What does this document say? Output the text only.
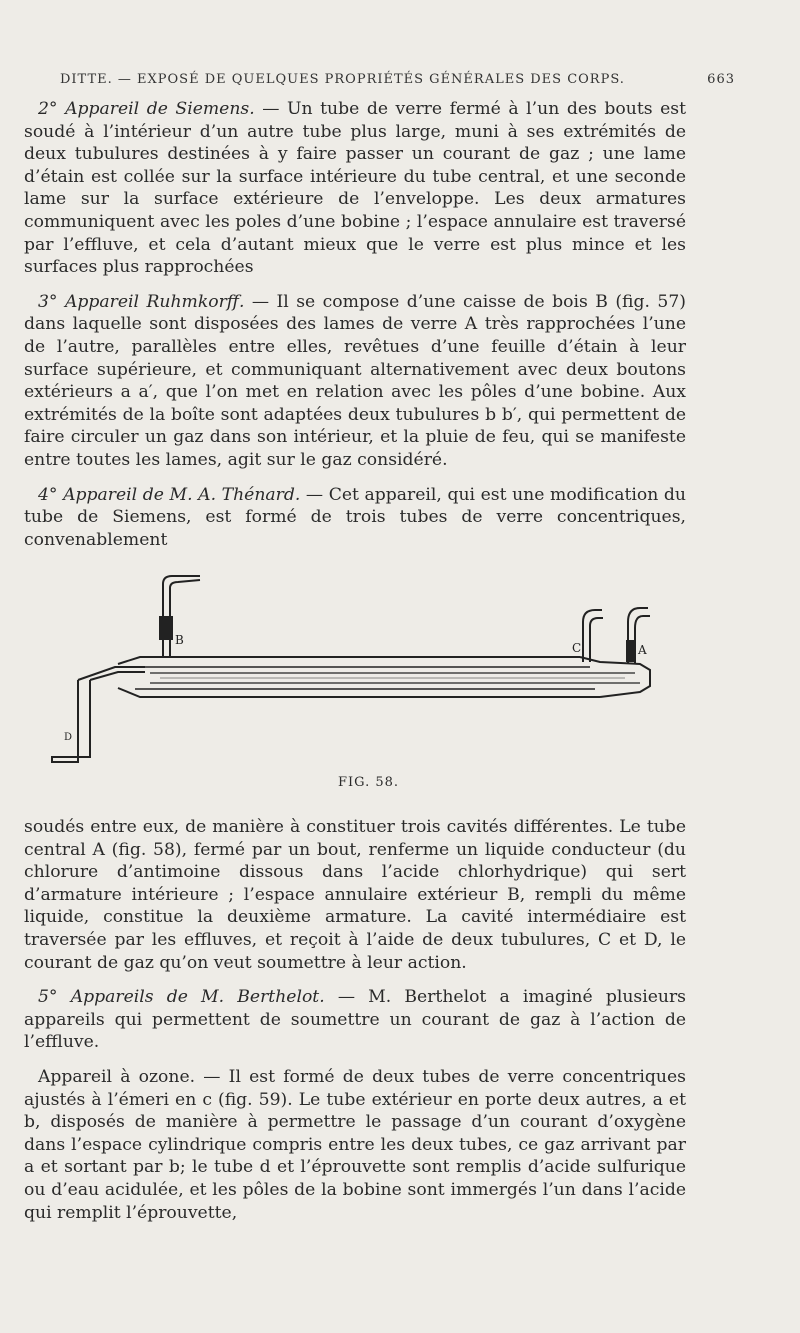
DITTE. — EXPOSÉ DE QUELQUES PROPRIÉTÉS GÉNÉRALES DES CORPS.	663

2° Appareil de Siemens. — Un tube de verre fermé à l’un des bouts est soudé à l’intérieur d’un autre tube plus large, muni à ses extrémités de deux tubulures destinées à y faire passer un courant de gaz ; une lame d’étain est collée sur la surface intérieure du tube central, et une seconde lame sur la surface extérieure de l’enveloppe. Les deux armatures communiquent avec les poles d’une bobine ; l’espace annulaire est traversé par l’effluve, et cela d’autant mieux que le verre est plus mince et les surfaces plus rapprochées

3° Appareil Ruhmkorff. — Il se compose d’une caisse de bois B (fig. 57) dans laquelle sont disposées des lames de verre A très rapprochées l’une de l’autre, parallèles entre elles, revêtues d’une feuille d’étain à leur surface supérieure, et communiquant alternativement avec deux boutons extérieurs a a′, que l’on met en relation avec les pôles d’une bobine. Aux extrémités de la boîte sont adaptées deux tubulures b b′, qui permettent de faire circuler un gaz dans son intérieur, et la pluie de feu, qui se manifeste entre toutes les lames, agit sur le gaz considéré.

4° Appareil de M. A. Thénard. — Cet appareil, qui est une modification du tube de Siemens, est formé de trois tubes de verre concentriques, convenablement

B
C	A
D
FIG. 58.

soudés entre eux, de manière à constituer trois cavités différentes. Le tube central A (fig. 58), fermé par un bout, renferme un liquide conducteur (du chlorure d’antimoine dissous dans l’acide chlorhydrique) qui sert d’armature intérieure ; l’espace annulaire extérieur B, rempli du même liquide, constitue la deuxième armature. La cavité intermédiaire est traversée par les effluves, et reçoit à l’aide de deux tubulures, C et D, le courant de gaz qu’on veut soumettre à leur action.

5° Appareils de M. Berthelot. — M. Berthelot a imaginé plusieurs appareils qui permettent de soumettre un courant de gaz à l’action de l’effluve.

Appareil à ozone. — Il est formé de deux tubes de verre concentriques ajustés à l’émeri en c (fig. 59). Le tube extérieur en porte deux autres, a et b, disposés de manière à permettre le passage d’un courant d’oxygène dans l’espace cylindrique compris entre les deux tubes, ce gaz arrivant par a et sortant par b; le tube d et l’éprouvette sont remplis d’acide sulfurique ou d’eau acidulée, et les pôles de la bobine sont immergés l’un dans l’acide qui remplit l’éprouvette,
